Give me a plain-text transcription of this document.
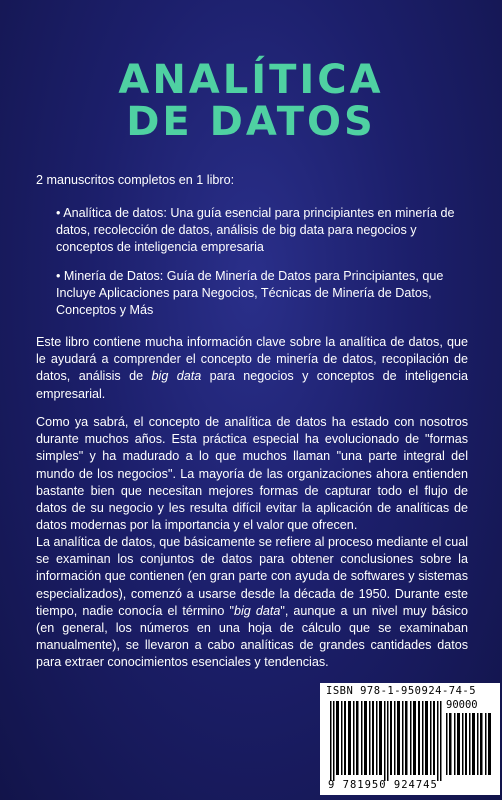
ANALÍTICA
DE DATOS
2 manuscritos completos en 1 libro:
• Analítica de datos: Una guía esencial para principiantes en minería de datos, recolección de datos, análisis de big data para negocios y conceptos de inteligencia empresaria
• Minería de Datos: Guía de Minería de Datos para Principiantes, que Incluye Aplicaciones para Negocios, Técnicas de Minería de Datos, Conceptos y Más
Este libro contiene mucha información clave sobre la analítica de datos, que le ayudará a comprender el concepto de minería de datos, recopilación de datos, análisis de big data para negocios y conceptos de inteligencia empresarial.
Como ya sabrá, el concepto de analítica de datos ha estado con nosotros durante muchos años. Esta práctica especial ha evolucionado de "formas simples" y ha madurado a lo que muchos llaman "una parte integral del mundo de los negocios". La mayoría de las organizaciones ahora entienden bastante bien que necesitan mejores formas de capturar todo el flujo de datos de su negocio y les resulta difícil evitar la aplicación de analíticas de datos modernas por la importancia y el valor que ofrecen.
La analítica de datos, que básicamente se refiere al proceso mediante el cual se examinan los conjuntos de datos para obtener conclusiones sobre la información que contienen (en gran parte con ayuda de softwares y sistemas especializados), comenzó a usarse desde la década de 1950. Durante este tiempo, nadie conocía el término "big data", aunque a un nivel muy básico (en general, los números en una hoja de cálculo que se examinaban manualmente), se llevaron a cabo analíticas de grandes cantidades datos para extraer conocimientos esenciales y tendencias.
ISBN 978-1-950924-74-5
90000
9 781950 924745
